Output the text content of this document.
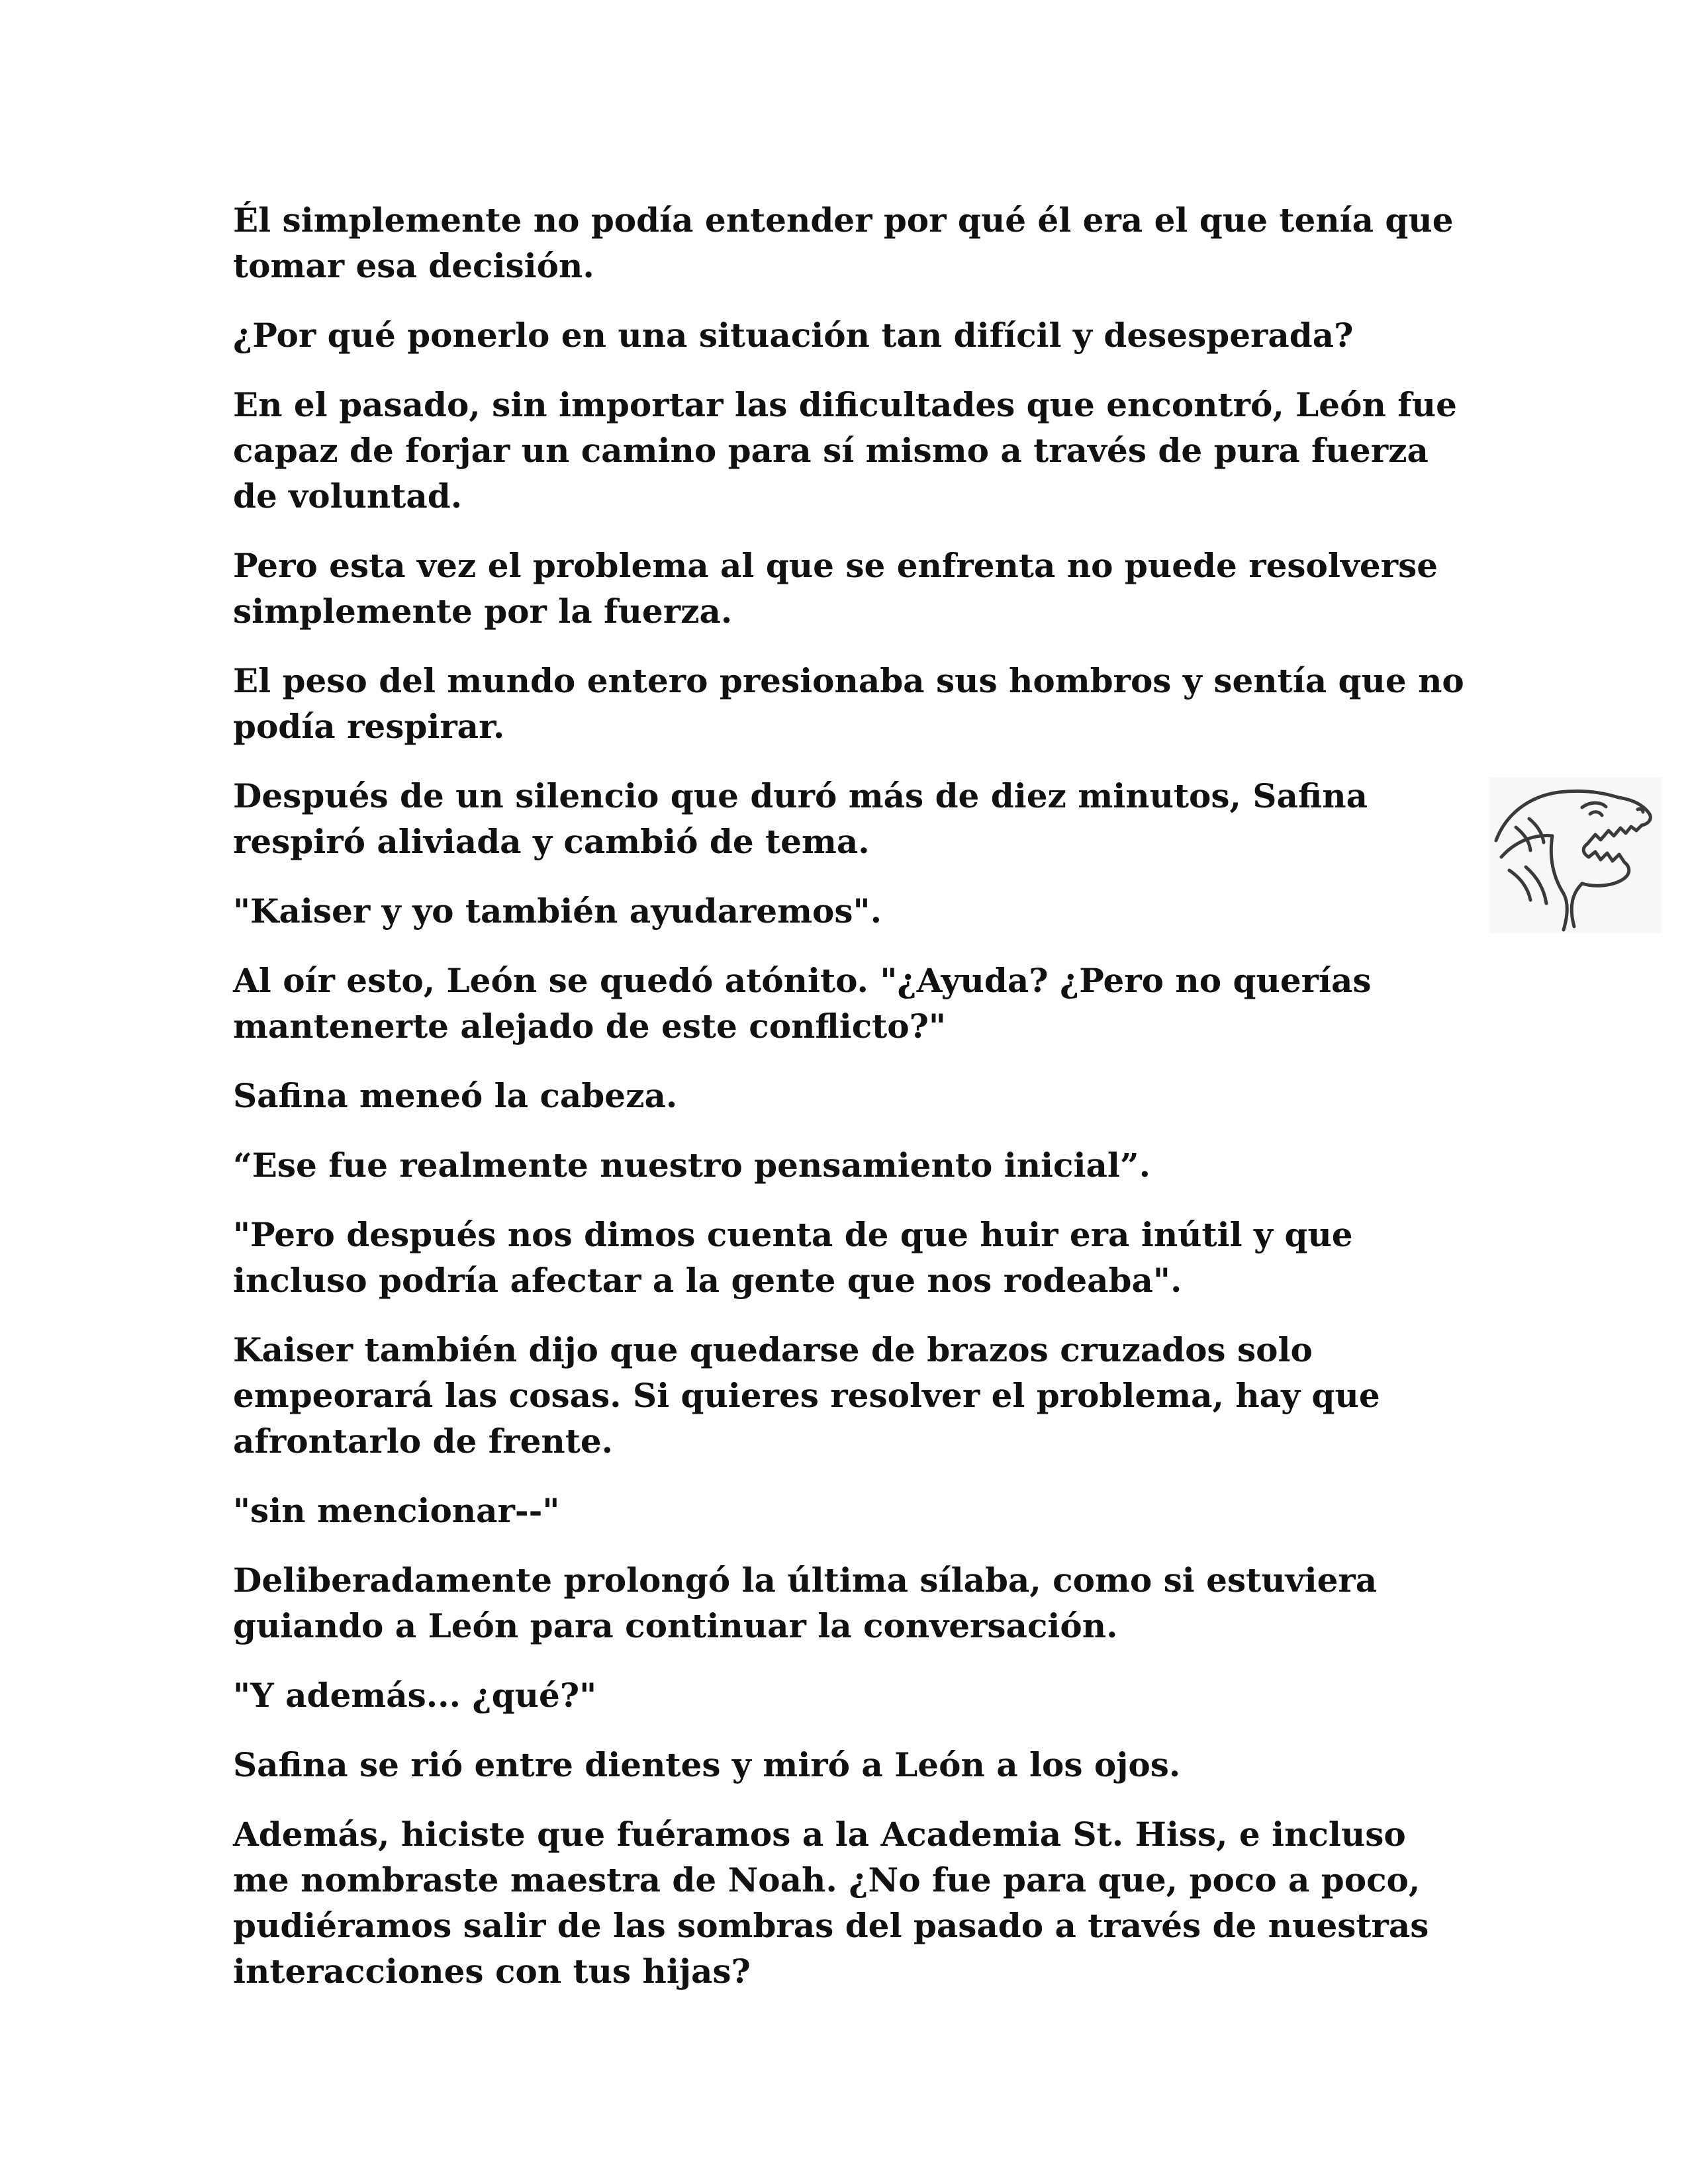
Él simplemente no podía entender por qué él era el que tenía que tomar esa decisión.

¿Por qué ponerlo en una situación tan difícil y desesperada?

En el pasado, sin importar las dificultades que encontró, León fue capaz de forjar un camino para sí mismo a través de pura fuerza de voluntad.

Pero esta vez el problema al que se enfrenta no puede resolverse simplemente por la fuerza.

El peso del mundo entero presionaba sus hombros y sentía que no podía respirar.

Después de un silencio que duró más de diez minutos, Safina respiró aliviada y cambió de tema.

"Kaiser y yo también ayudaremos".

Al oír esto, León se quedó atónito. "¿Ayuda? ¿Pero no querías mantenerte alejado de este conflicto?"

Safina meneó la cabeza.

“Ese fue realmente nuestro pensamiento inicial”.

"Pero después nos dimos cuenta de que huir era inútil y que incluso podría afectar a la gente que nos rodeaba".

Kaiser también dijo que quedarse de brazos cruzados solo empeorará las cosas. Si quieres resolver el problema, hay que afrontarlo de frente.

"sin mencionar--"

Deliberadamente prolongó la última sílaba, como si estuviera guiando a León para continuar la conversación.

"Y además... ¿qué?"

Safina se rió entre dientes y miró a León a los ojos.

Además, hiciste que fuéramos a la Academia St. Hiss, e incluso me nombraste maestra de Noah. ¿No fue para que, poco a poco, pudiéramos salir de las sombras del pasado a través de nuestras interacciones con tus hijas?
